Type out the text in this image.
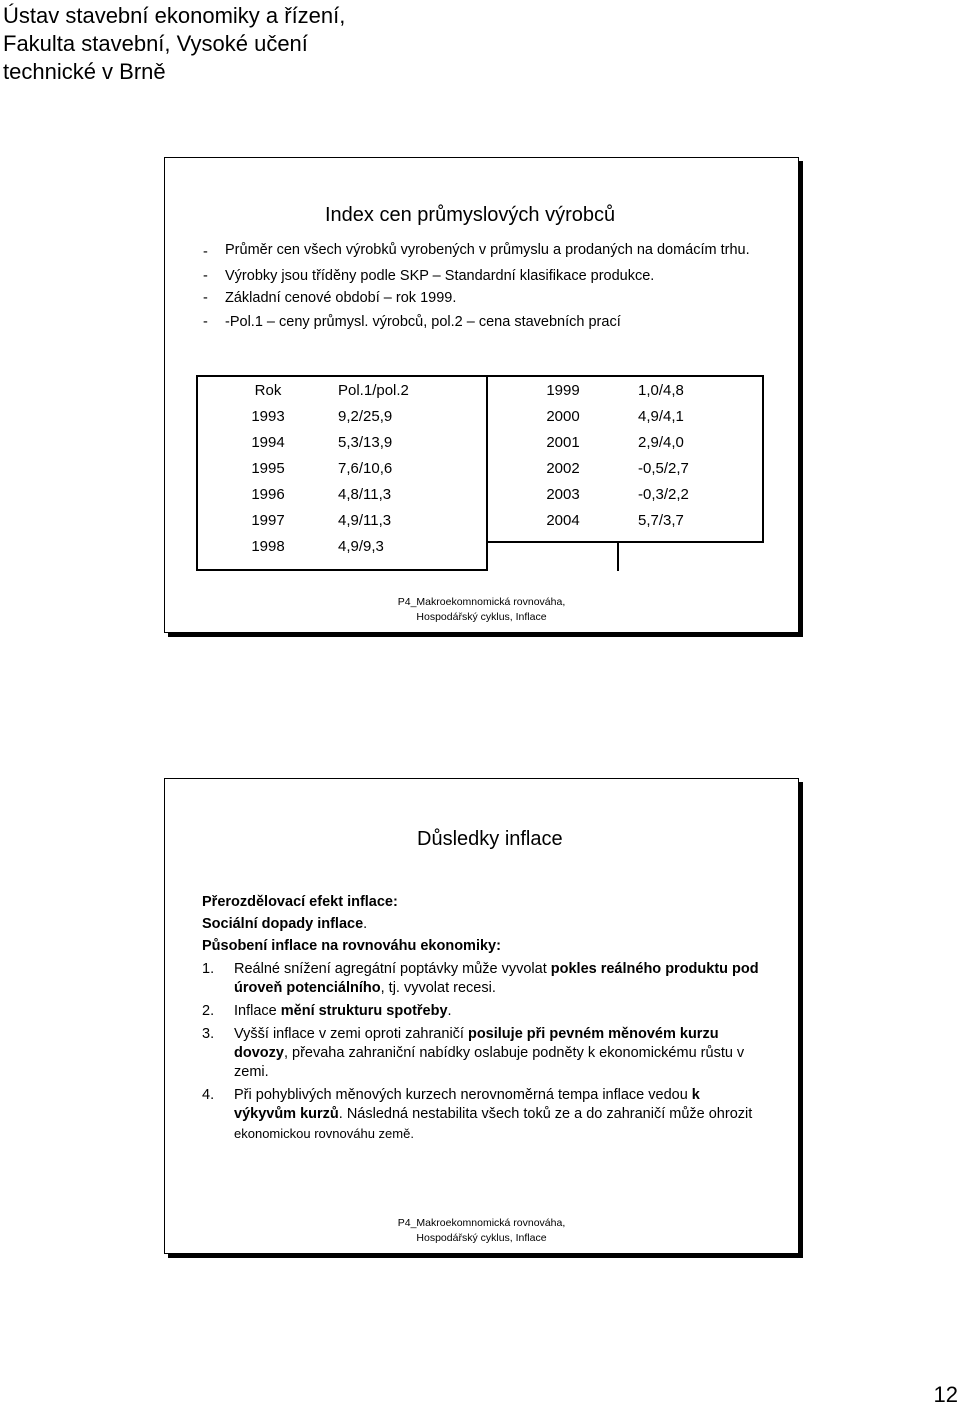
Ústav stavební ekonomiky a řízení,
Fakulta stavební, Vysoké učení
technické v Brně
Index cen průmyslových výrobců
-	Průměr cen všech výrobků vyrobených v průmyslu a prodaných na domácím trhu.
-	Výrobky jsou tříděny podle SKP – Standardní klasifikace produkce.
-	Základní cenové období – rok 1999.
-	-Pol.1 – ceny průmysl. výrobců, pol.2 – cena stavebních prací
Rok	Pol.1/pol.2
1993	9,2/25,9
1994	5,3/13,9
1995	7,6/10,6
1996	4,8/11,3
1997	4,9/11,3
1998	4,9/9,3
1999	1,0/4,8
2000	4,9/4,1
2001	2,9/4,0
2002	-0,5/2,7
2003	-0,3/2,2
2004	5,7/3,7
P4_Makroekomnomická rovnováha,
Hospodářský cyklus, Inflace
Důsledky inflace
Přerozdělovací efekt inflace:
Sociální dopady inflace.
Působení inflace na rovnováhu ekonomiky:
1.	Reálné snížení agregátní poptávky může vyvolat pokles reálného produktu pod úroveň potenciálního, tj. vyvolat recesi.
2.	Inflace mění strukturu spotřeby.
3.	Vyšší inflace v zemi oproti zahraničí posiluje při pevném měnovém kurzu dovozy, převaha zahraniční nabídky oslabuje podněty k ekonomickému růstu v zemi.
4.	Při pohyblivých měnových kurzech nerovnoměrná tempa inflace vedou k výkyvům kurzů. Následná nestabilita všech toků ze a do zahraničí může ohrozit ekonomickou rovnováhu země.
P4_Makroekomnomická rovnováha,
Hospodářský cyklus, Inflace
12
